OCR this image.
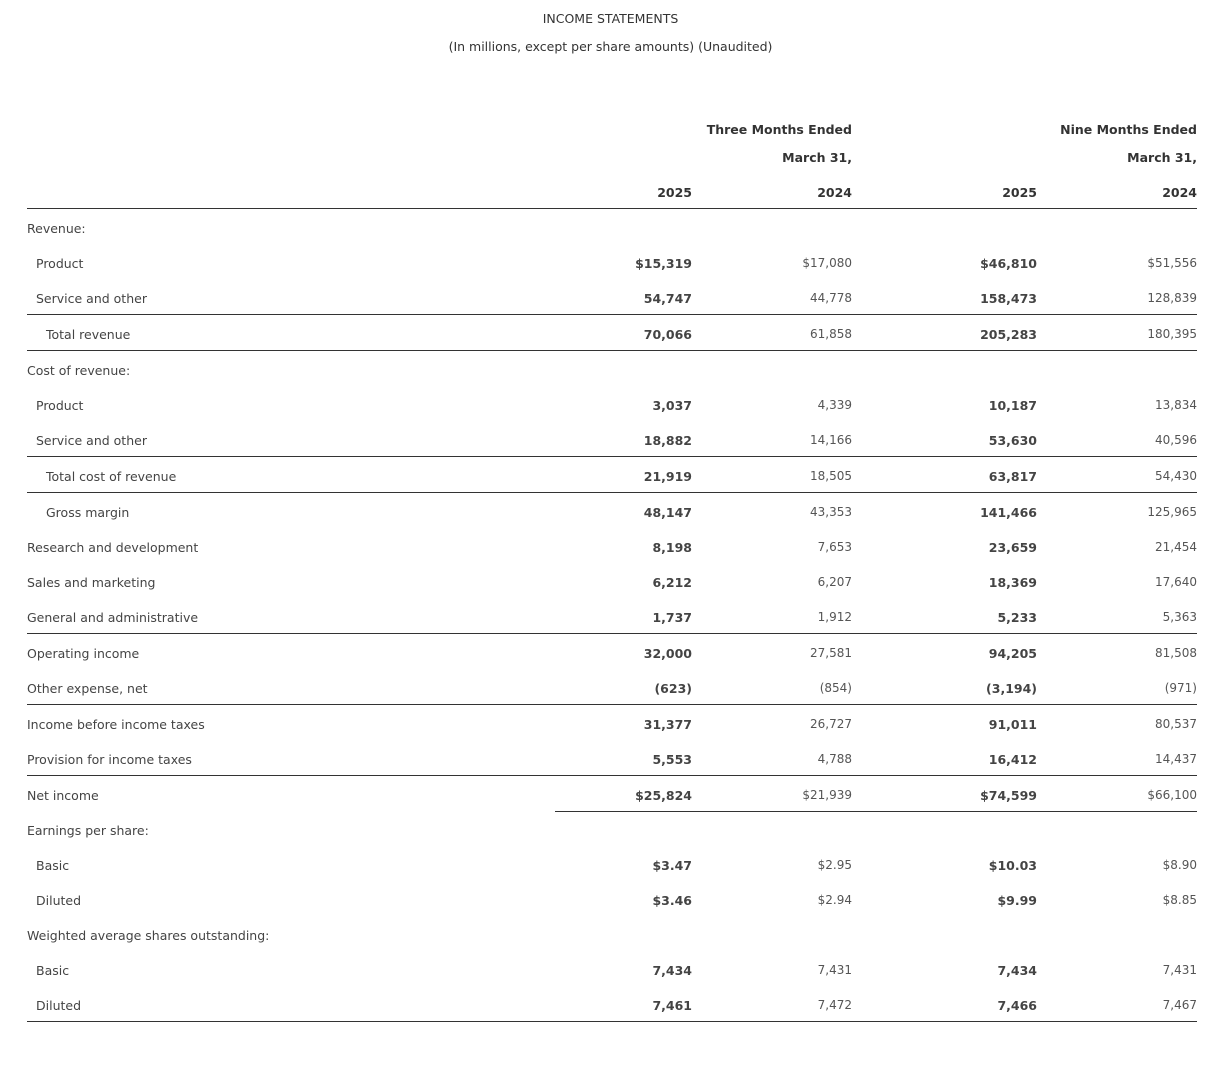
INCOME STATEMENTS
(In millions, except per share amounts) (Unaudited)
Three Months Ended
March 31,
Nine Months Ended
March 31,
2025	2024	2025	2024
Revenue:
Product	$15,319	$17,080	$46,810	$51,556
Service and other	54,747	44,778	158,473	128,839
Total revenue	70,066	61,858	205,283	180,395
Cost of revenue:
Product	3,037	4,339	10,187	13,834
Service and other	18,882	14,166	53,630	40,596
Total cost of revenue	21,919	18,505	63,817	54,430
Gross margin	48,147	43,353	141,466	125,965
Research and development	8,198	7,653	23,659	21,454
Sales and marketing	6,212	6,207	18,369	17,640
General and administrative	1,737	1,912	5,233	5,363
Operating income	32,000	27,581	94,205	81,508
Other expense, net	(623)	(854)	(3,194)	(971)
Income before income taxes	31,377	26,727	91,011	80,537
Provision for income taxes	5,553	4,788	16,412	14,437
Net income	$25,824	$21,939	$74,599	$66,100
Earnings per share:
Basic	$3.47	$2.95	$10.03	$8.90
Diluted	$3.46	$2.94	$9.99	$8.85
Weighted average shares outstanding:
Basic	7,434	7,431	7,434	7,431
Diluted	7,461	7,472	7,466	7,467
